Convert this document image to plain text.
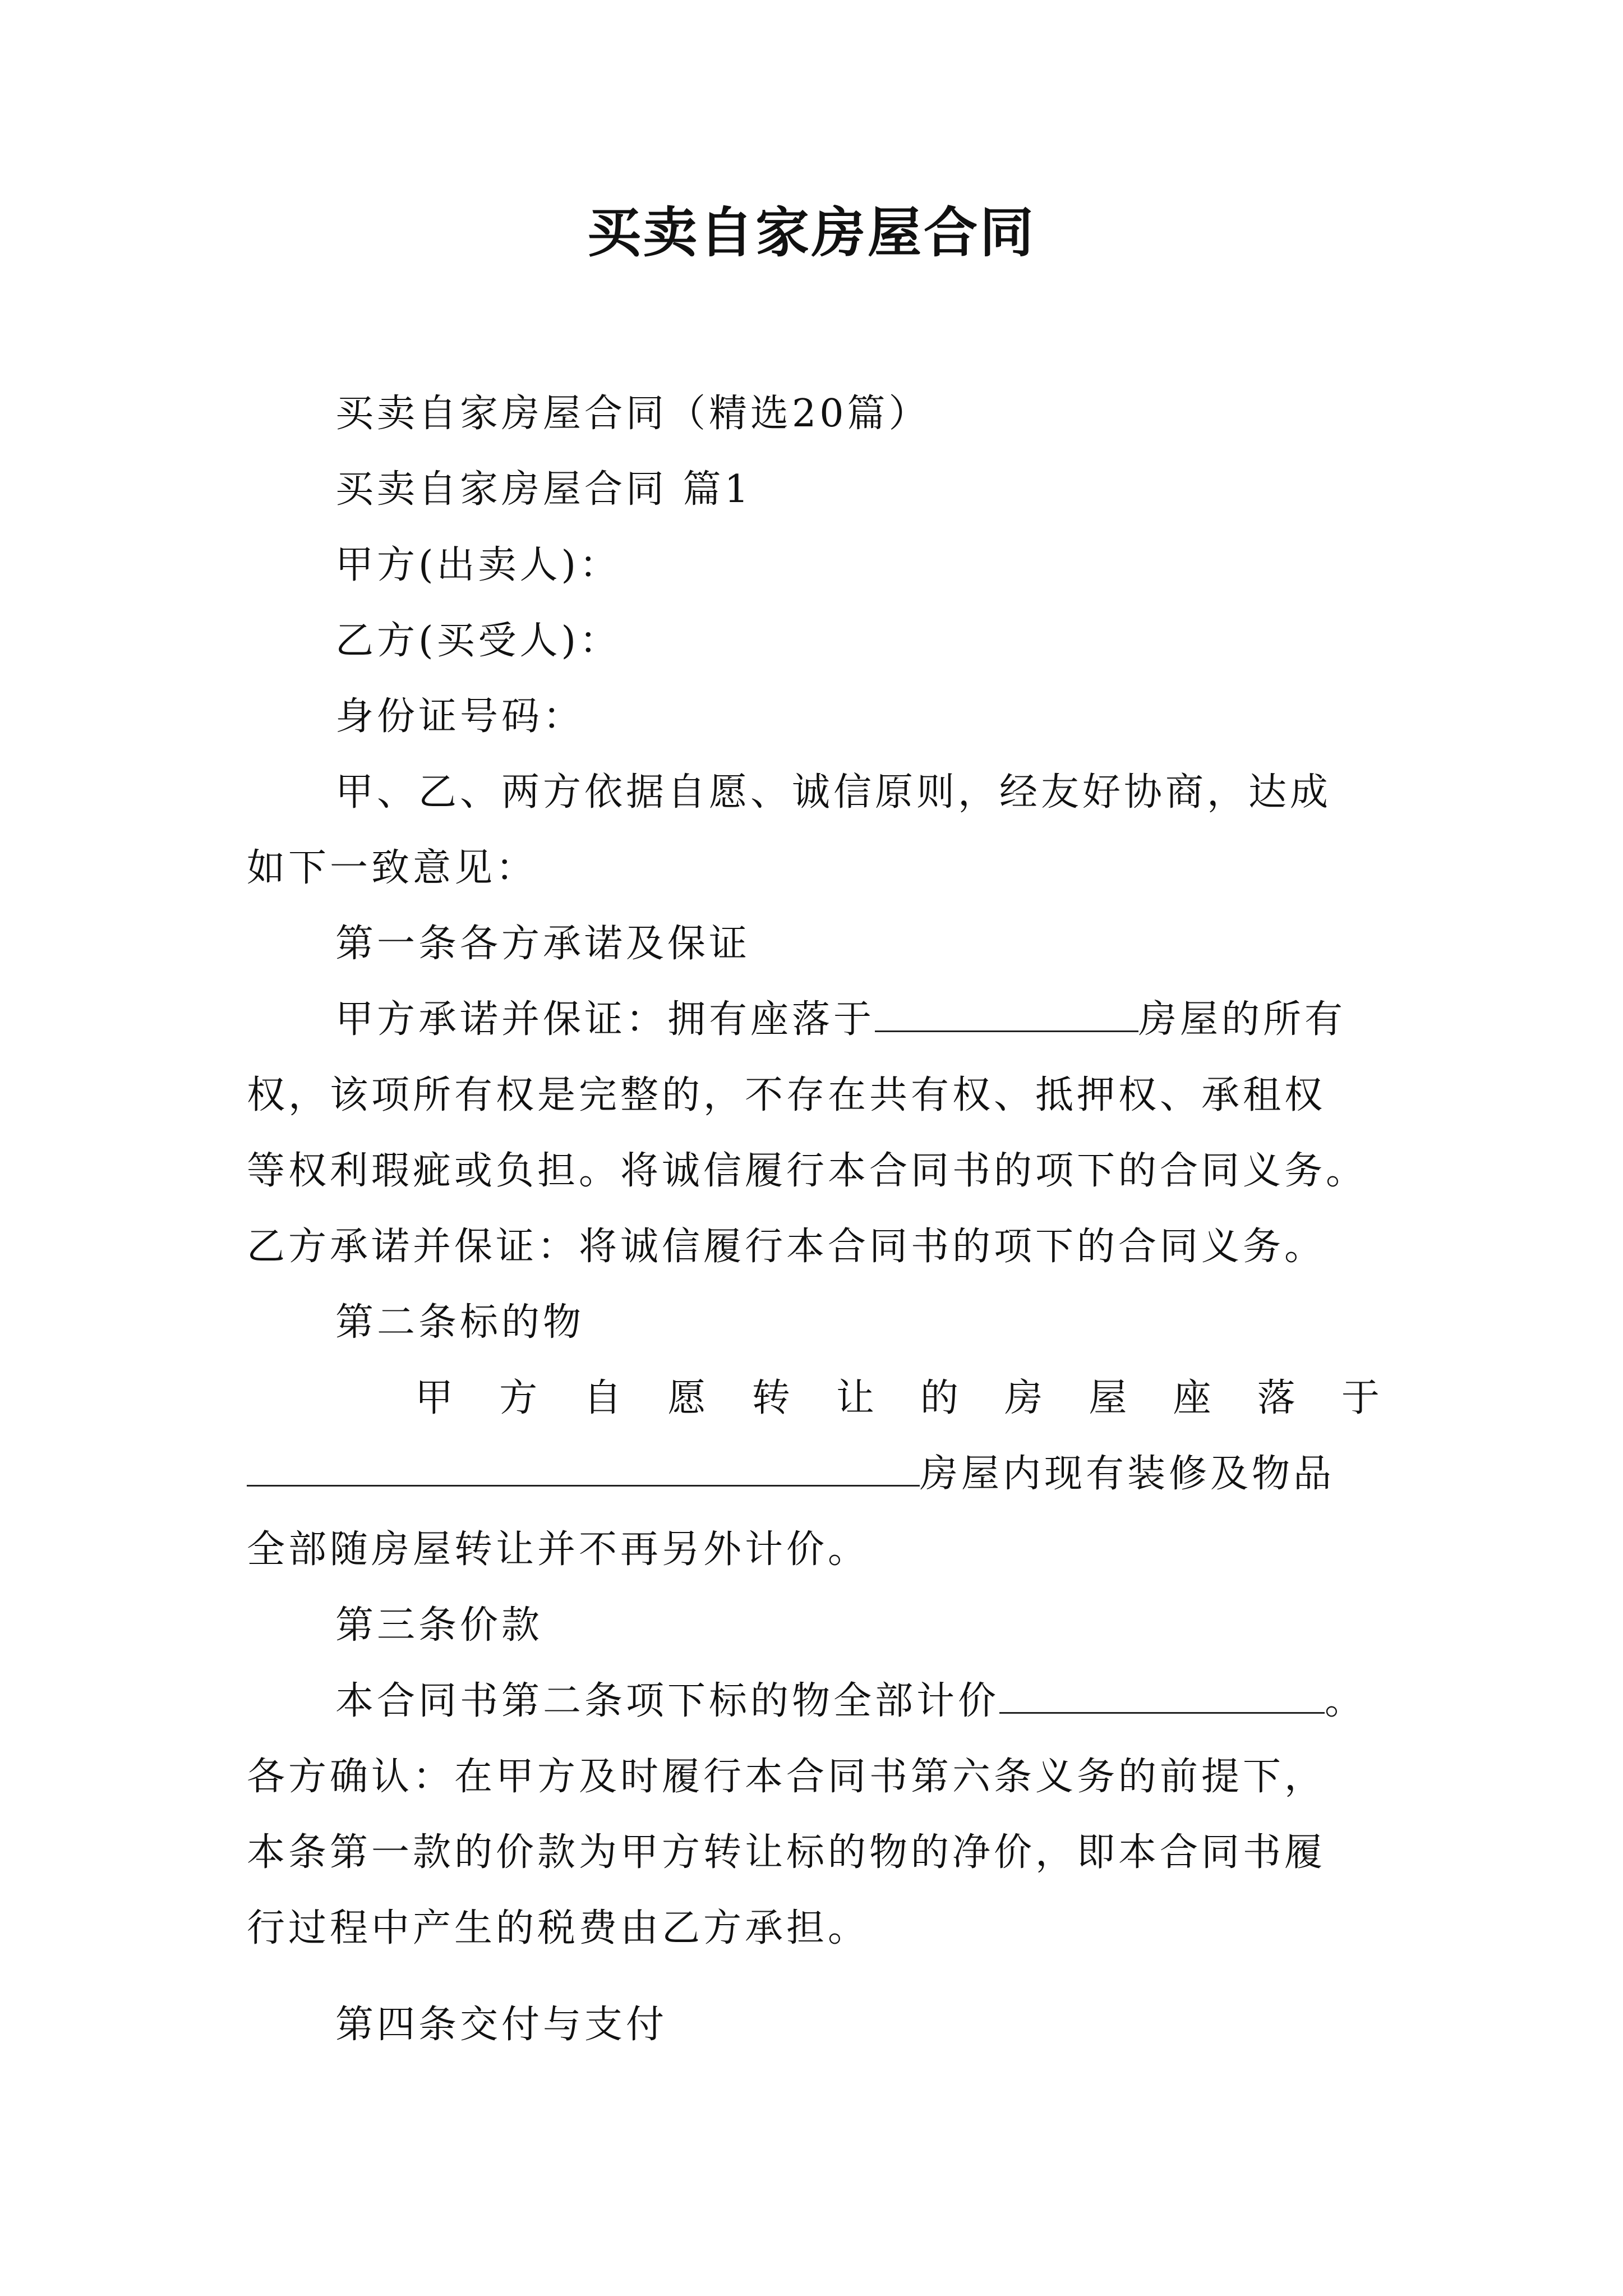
买卖自家房屋合同
买卖自家房屋合同（精选20篇）
买卖自家房屋合同 篇1
甲方(出卖人)：
乙方(买受人)：
身份证号码：
甲、乙、两方依据自愿、诚信原则，经友好协商，达成
如下一致意见：
第一条各方承诺及保证
甲方承诺并保证：拥有座落于	房屋的所有
权，该项所有权是完整的，不存在共有权、抵押权、承租权
等权利瑕疵或负担。将诚信履行本合同书的项下的合同义务。
乙方承诺并保证：将诚信履行本合同书的项下的合同义务。
第二条标的物
甲 方 自 愿 转 让 的 房 屋 座 落 于
房屋内现有装修及物品
全部随房屋转让并不再另外计价。
第三条价款
本合同书第二条项下标的物全部计价	。
各方确认：在甲方及时履行本合同书第六条义务的前提下，
本条第一款的价款为甲方转让标的物的净价，即本合同书履
行过程中产生的税费由乙方承担。
第四条交付与支付
